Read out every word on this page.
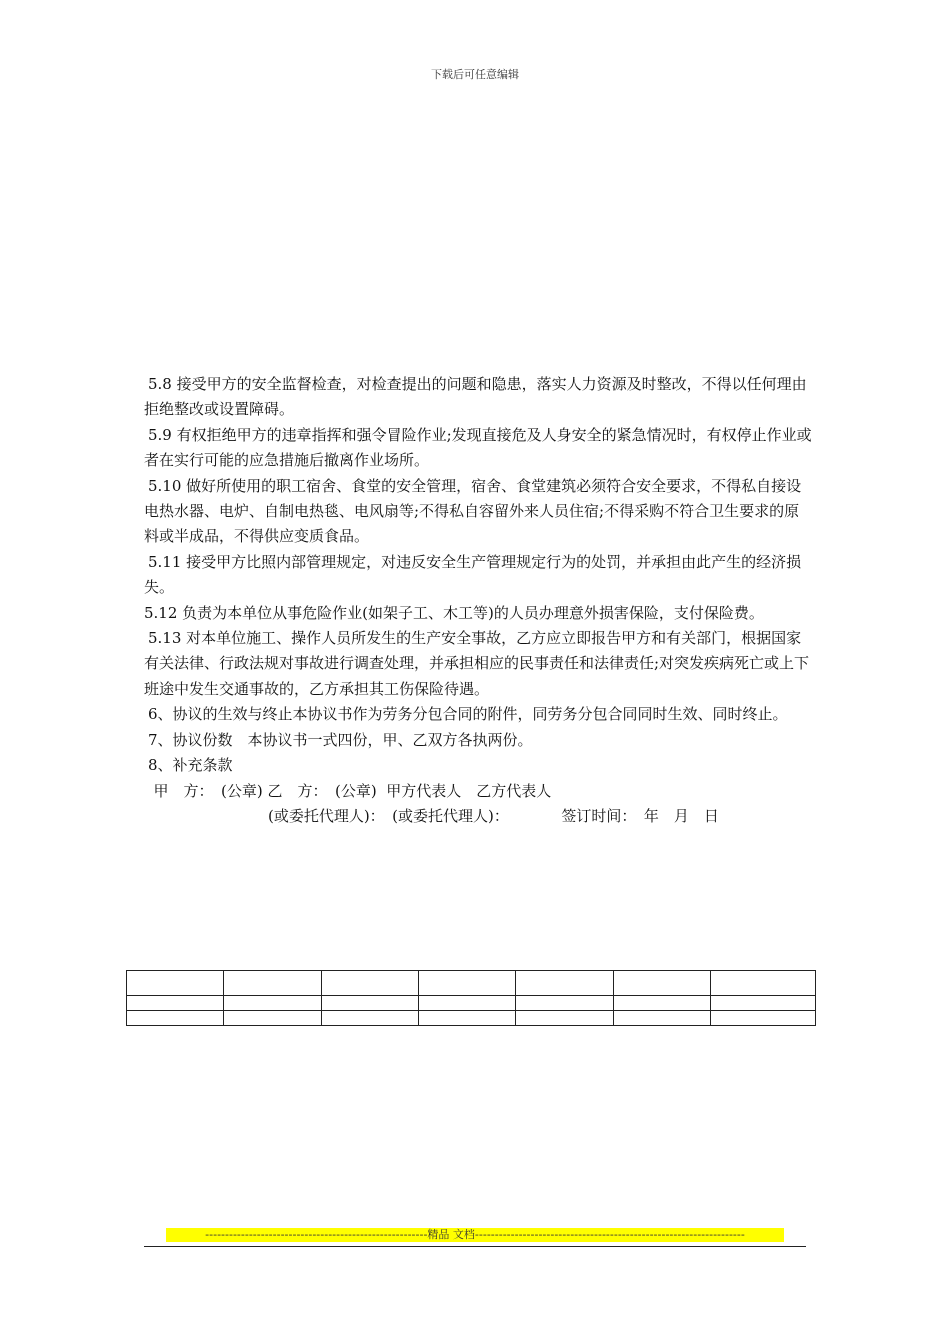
下载后可任意编辑

5.8 接受甲方的安全监督检查，对检查提出的问题和隐患，落实人力资源及时整改，不得以任何理由拒绝整改或设置障碍。

5.9 有权拒绝甲方的违章指挥和强令冒险作业;发现直接危及人身安全的紧急情况时，有权停止作业或者在实行可能的应急措施后撤离作业场所。

5.10 做好所使用的职工宿舍、食堂的安全管理，宿舍、食堂建筑必须符合安全要求，不得私自接设电热水器、电炉、自制电热毯、电风扇等;不得私自容留外来人员住宿;不得采购不符合卫生要求的原料或半成品，不得供应变质食品。

5.11 接受甲方比照内部管理规定，对违反安全生产管理规定行为的处罚，并承担由此产生的经济损失。

5.12 负责为本单位从事危险作业(如架子工、木工等)的人员办理意外损害保险，支付保险费。

5.13 对本单位施工、操作人员所发生的生产安全事故，乙方应立即报告甲方和有关部门，根据国家有关法律、行政法规对事故进行调查处理，并承担相应的民事责任和法律责任;对突发疾病死亡或上下班途中发生交通事故的，乙方承担其工伤保险待遇。

6、协议的生效与终止本协议书作为劳务分包合同的附件，同劳务分包合同同时生效、同时终止。

7、协议份数　本协议书一式四份，甲、乙双方各执两份。

8、补充条款

甲　方：　(公章) 乙　方：　(公章)  甲方代表人　乙方代表人
(或委托代理人)：　(或委托代理人)：　　　　签订时间：　年　月　日

--------------------------------------------------------精品 文档--------------------------------------------------------------------
